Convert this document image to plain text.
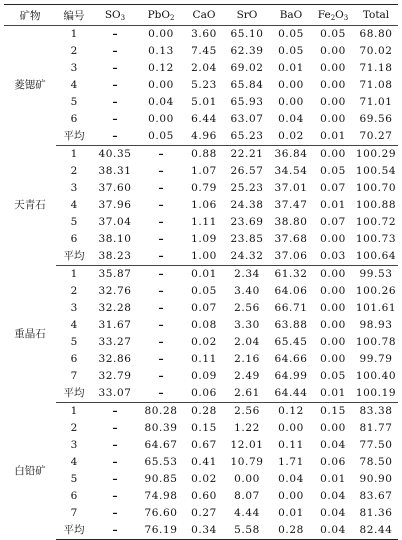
矿物	编号	$SO_3$	PbO$_2$	CaO	SrO	BaO	$Fe_2O_3$	Total
菱锶矿	1	–	0.00	3.60	65.10	0.05	0.05	68.80
	2	–	0.13	7.45	62.39	0.05	0.00	70.02
	3	–	0.12	2.04	69.02	0.01	0.00	71.18
	4	–	0.00	5.23	65.84	0.00	0.00	71.08
	5	–	0.04	5.01	65.93	0.00	0.00	71.01
	6	–	0.00	6.44	63.07	0.04	0.00	69.56
	平均	–	0.05	4.96	65.23	0.02	0.01	70.27
天青石	1	40.35	–	0.88	22.21	36.84	0.00	100.29
	2	38.31	–	1.07	26.57	34.54	0.05	100.54
	3	37.60	–	0.79	25.23	37.01	0.07	100.70
	4	37.96	–	1.06	24.38	37.47	0.01	100.88
	5	37.04	–	1.11	23.69	38.80	0.07	100.72
	6	38.10	–	1.09	23.85	37.68	0.00	100.73
	平均	38.23	–	1.00	24.32	37.06	0.03	100.64
重晶石	1	35.87	–	0.01	2.34	61.32	0.00	99.53
	2	32.76	–	0.05	3.40	64.06	0.00	100.26
	3	32.28	–	0.07	2.56	66.71	0.00	101.61
	4	31.67	–	0.08	3.30	63.88	0.00	98.93
	5	33.27	–	0.02	2.04	65.45	0.00	100.78
	6	32.86	–	0.11	2.16	64.66	0.00	99.79
	7	32.79	–	0.09	2.49	64.99	0.05	100.40
	平均	33.07	–	0.06	2.61	64.44	0.01	100.19
白铅矿	1	–	80.28	0.28	2.56	0.12	0.15	83.38
	2	–	80.39	0.15	1.22	0.00	0.00	81.77
	3	–	64.67	0.67	12.01	0.11	0.04	77.50
	4	–	65.53	0.41	10.79	1.71	0.06	78.50
	5	–	90.85	0.02	0.00	0.04	0.01	90.90
	6	–	74.98	0.60	8.07	0.00	0.04	83.67
	7	–	76.60	0.27	4.44	0.01	0.04	81.36
	平均	–	76.19	0.34	5.58	0.28	0.04	82.44
